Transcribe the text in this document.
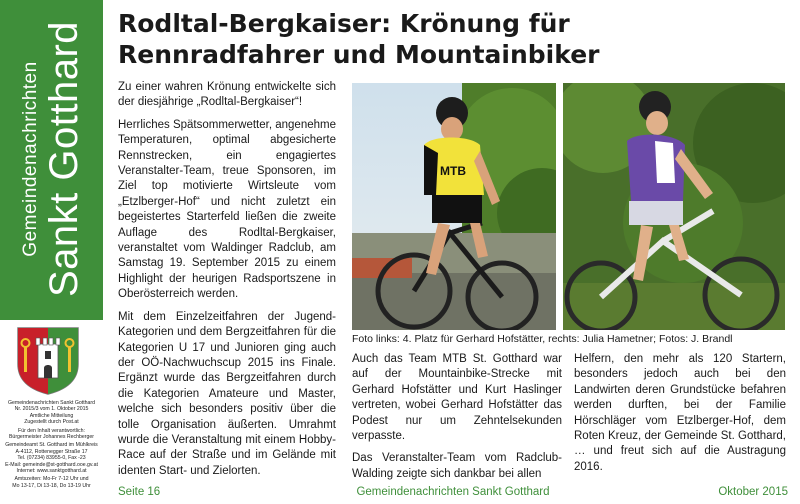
Gemeindenachrichten Sankt Gotthard
Gemeindenachrichten Sankt Gotthard
Nr. 2015/3 vom 1. Oktober 2015
Amtliche Mitteilung
Zugestellt durch Post.at

Für den Inhalt verantwortlich:
Bürgermeister Johannes Rechberger

Gemeindeamt St. Gotthard im Mühlkreis
A-4112, Rottenegger Straße 17
Tel. (07234) 83955-0, Fax -23
E-Mail: gemeinde@st-gotthard.ooe.gv.at
Internet: www.sanktgotthard.at

Amtszeiten: Mo-Fr 7-12 Uhr und
Mo 13-17, Di 13-18, Do 13-19 Uhr
Rodltal-Bergkaiser: Krönung für
Rennradfahrer und Mountainbiker

Zu einer wahren Krönung entwickelte sich der diesjährige „Rodltal-Bergkaiser“!

Herrliches Spätsommerwetter, angenehme Temperaturen, optimal abgesicherte Rennstrecken, ein engagiertes Veranstalter-Team, treue Sponsoren, im Ziel top motivierte Wirtsleute vom „Etzlberger-Hof“ und nicht zuletzt ein begeistertes Starterfeld ließen die zweite Auflage des Rodltal-Bergkaiser, veranstaltet vom Waldinger Radclub, am Samstag 19. September 2015 zu einem Highlight der heurigen Radsportszene in Oberösterreich werden.

Mit dem Einzelzeitfahren der Jugend-Kategorien und dem Bergzeitfahren für die Kategorien U 17 und Junioren ging auch der OÖ-Nachwuchscup 2015 ins Finale. Ergänzt wurde das Bergzeitfahren durch die Kategorien Amateure und Master, welche sich besonders positiv über die tolle Organisation äußerten. Umrahmt wurde die Veranstaltung mit einem Hobby-Race auf der Straße und im Gelände mit identen Start- und Zielorten.

MTB
Foto links: 4. Platz für Gerhard Hofstätter, rechts: Julia Hametner; Fotos: J. Brandl

Auch das Team MTB St. Gotthard war auf der Mountainbike-Strecke mit Gerhard Hofstätter und Kurt Haslinger vertreten, wobei Gerhard Hofstätter das Podest nur um Zehntelsekunden verpasste.

Das Veranstalter-Team vom Radclub-Walding zeigte sich dankbar bei allen

Helfern, den mehr als 120 Startern, besonders jedoch auch bei den Landwirten deren Grundstücke befahren werden durften, bei der Familie Hörschläger vom Etzlberger-Hof, dem Roten Kreuz, der Gemeinde St. Gotthard, … und freut sich auf die Austragung 2016.

Seite 16	Gemeindenachrichten Sankt Gotthard	Oktober 2015
